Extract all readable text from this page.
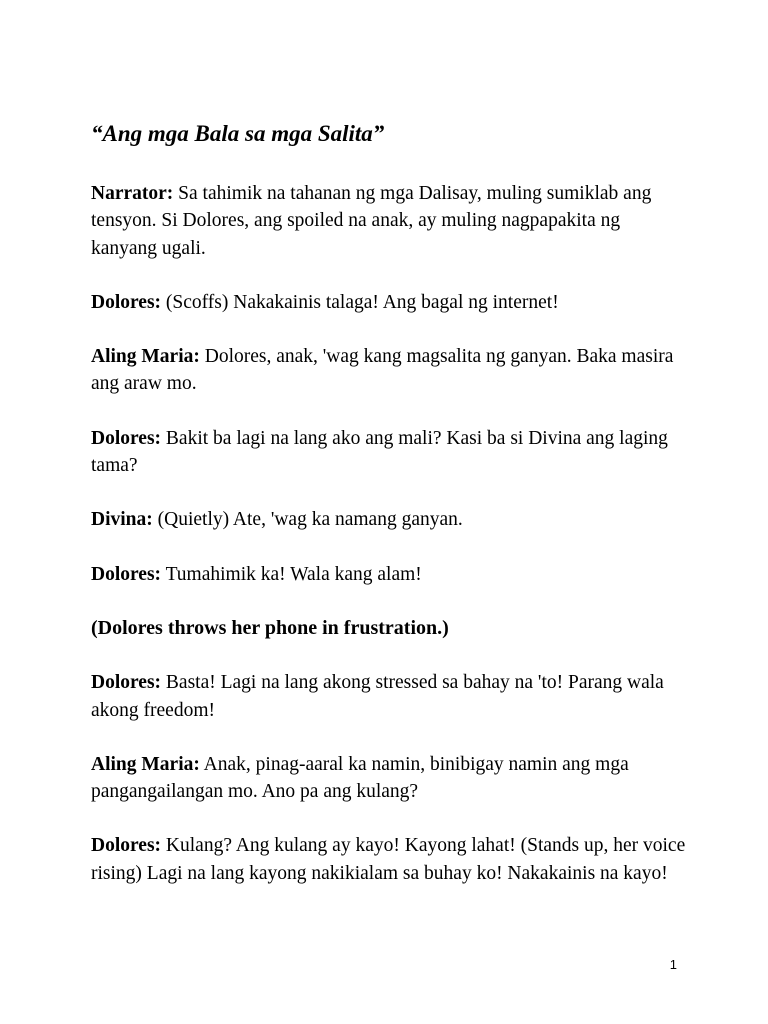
“Ang mga Bala sa mga Salita”
Narrator: Sa tahimik na tahanan ng mga Dalisay, muling sumiklab ang tensyon. Si Dolores, ang spoiled na anak, ay muling nagpapakita ng kanyang ugali.
Dolores: (Scoffs) Nakakainis talaga! Ang bagal ng internet!
Aling Maria: Dolores, anak, 'wag kang magsalita ng ganyan. Baka masira ang araw mo.
Dolores: Bakit ba lagi na lang ako ang mali? Kasi ba si Divina ang laging tama?
Divina: (Quietly) Ate, 'wag ka namang ganyan.
Dolores: Tumahimik ka! Wala kang alam!
(Dolores throws her phone in frustration.)
Dolores: Basta! Lagi na lang akong stressed sa bahay na 'to! Parang wala akong freedom!
Aling Maria: Anak, pinag-aaral ka namin, binibigay namin ang mga pangangailangan mo. Ano pa ang kulang?
Dolores: Kulang? Ang kulang ay kayo! Kayong lahat! (Stands up, her voice rising) Lagi na lang kayong nakikialam sa buhay ko! Nakakainis na kayo!
1
